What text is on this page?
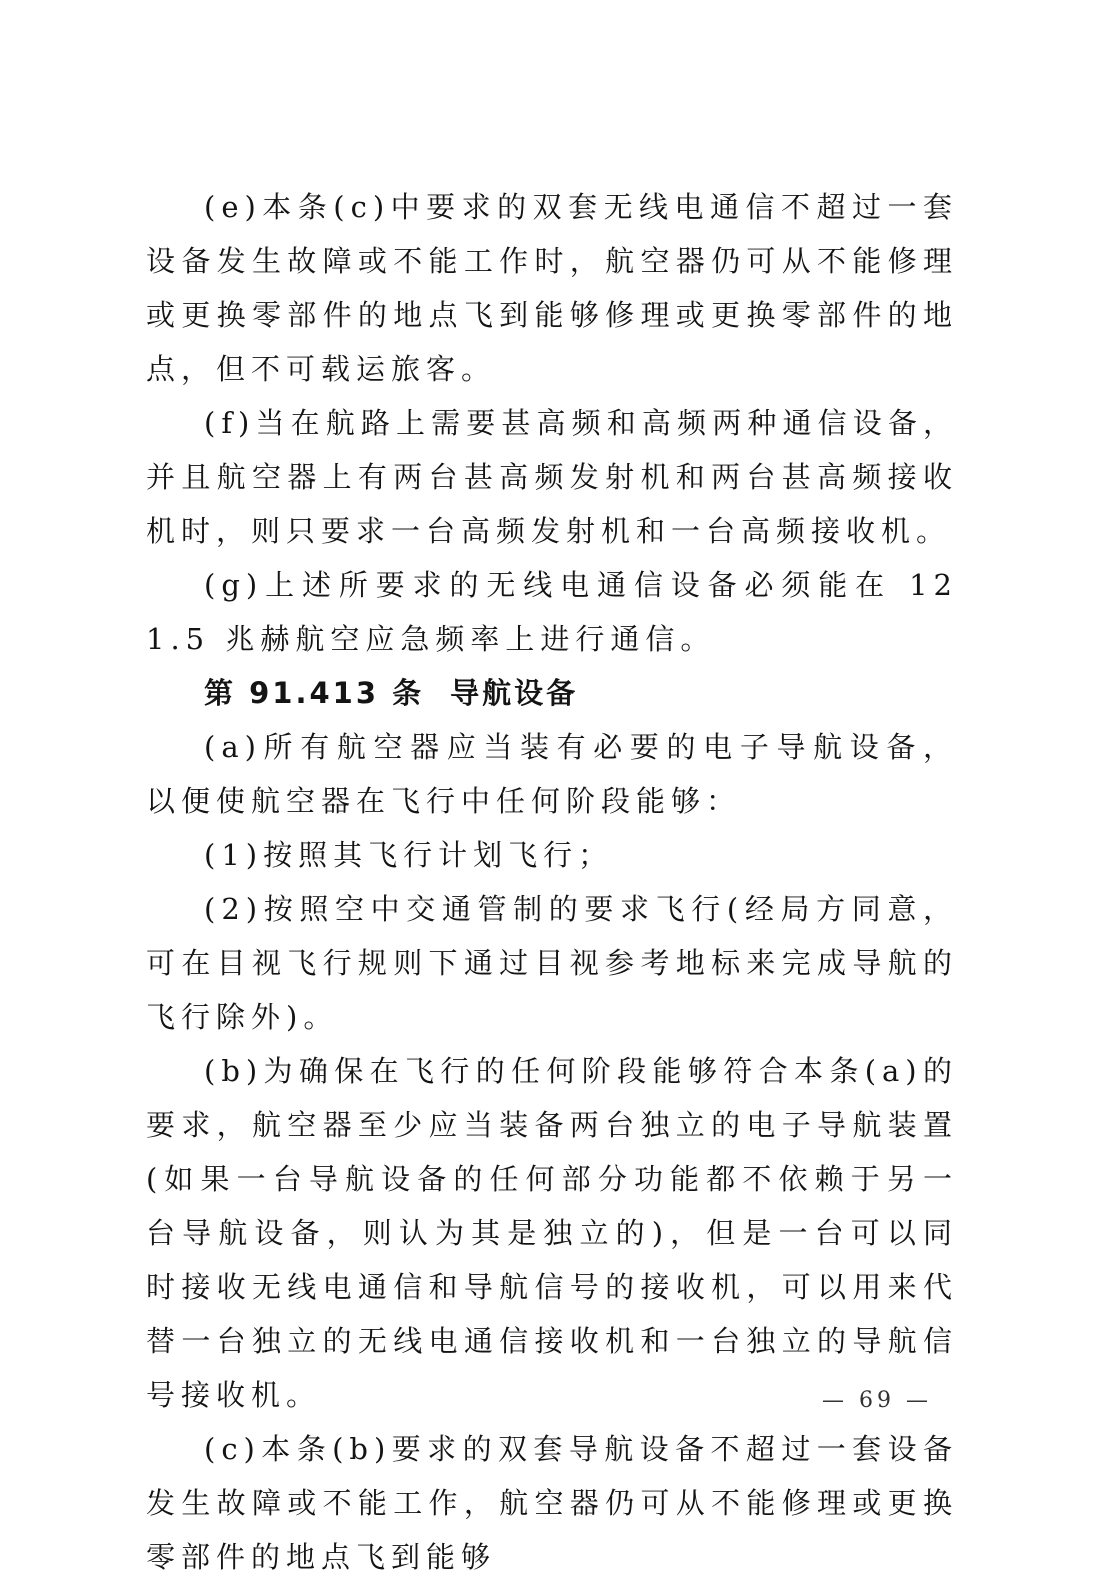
(e)本条(c)中要求的双套无线电通信不超过一套设备发生故障或不能工作时，航空器仍可从不能修理或更换零部件的地点飞到能够修理或更换零部件的地点，但不可载运旅客。

(f)当在航路上需要甚高频和高频两种通信设备，并且航空器上有两台甚高频发射机和两台甚高频接收机时，则只要求一台高频发射机和一台高频接收机。

(g)上述所要求的无线电通信设备必须能在 121.5 兆赫航空应急频率上进行通信。

第 91.413 条 导航设备

(a)所有航空器应当装有必要的电子导航设备，以便使航空器在飞行中任何阶段能够：

(1)按照其飞行计划飞行；

(2)按照空中交通管制的要求飞行(经局方同意，可在目视飞行规则下通过目视参考地标来完成导航的飞行除外)。

(b)为确保在飞行的任何阶段能够符合本条(a)的要求，航空器至少应当装备两台独立的电子导航装置(如果一台导航设备的任何部分功能都不依赖于另一台导航设备，则认为其是独立的)，但是一台可以同时接收无线电通信和导航信号的接收机，可以用来代替一台独立的无线电通信接收机和一台独立的导航信号接收机。

(c)本条(b)要求的双套导航设备不超过一套设备发生故障或不能工作，航空器仍可从不能修理或更换零部件的地点飞到能够

— 69 —
